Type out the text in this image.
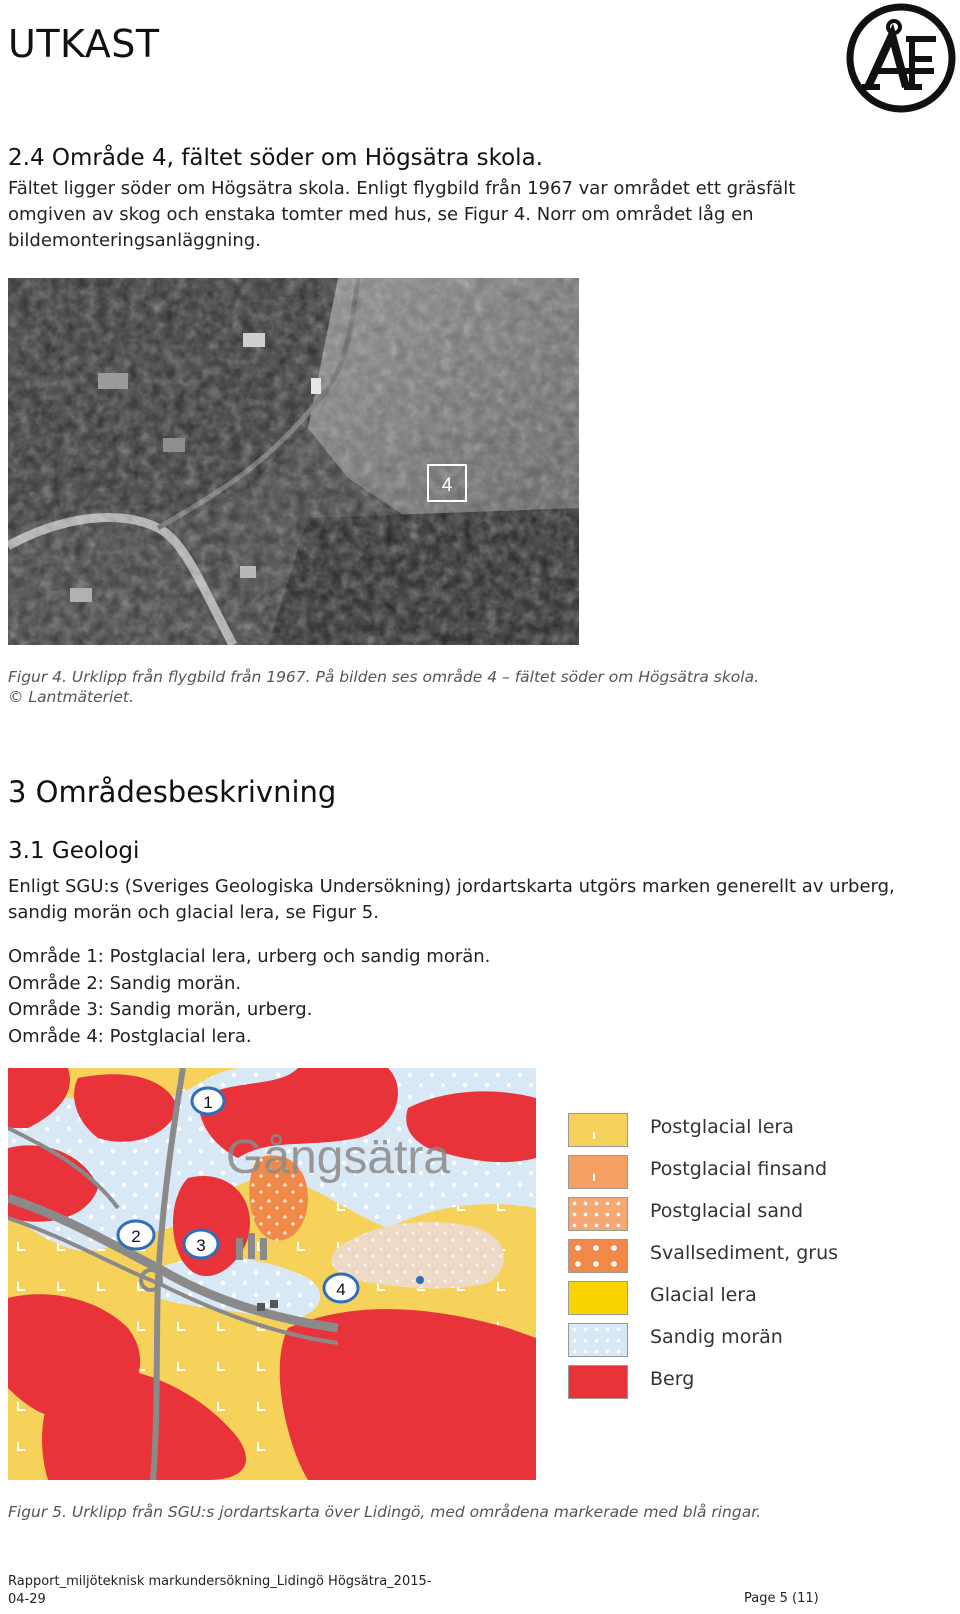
UTKAST
2.4 Område 4, fältet söder om Högsätra skola.
Fältet ligger söder om Högsätra skola. Enligt flygbild från 1967 var området ett gräsfält omgiven av skog och enstaka tomter med hus, se Figur 4. Norr om området låg en bildemonteringsanläggning.
4
Figur 4. Urklipp från flygbild från 1967. På bilden ses område 4 – fältet söder om Högsätra skola.
© Lantmäteriet.
3 Områdesbeskrivning
3.1 Geologi
Enligt SGU:s (Sveriges Geologiska Undersökning) jordartskarta utgörs marken generellt av urberg, sandig morän och glacial lera, se Figur 5.
Område 1: Postglacial lera, urberg och sandig morän.
Område 2: Sandig morän.
Område 3: Sandig morän, urberg.
Område 4: Postglacial lera.
Gångsätra
1
2	3
4
Postglacial lera
Postglacial finsand
Postglacial sand
Svallsediment, grus
Glacial lera
Sandig morän
Berg
Figur 5. Urklipp från SGU:s jordartskarta över Lidingö, med områdena markerade med blå ringar.
Rapport_miljöteknisk markundersökning_Lidingö Högsätra_2015-04-29	Page 5 (11)
